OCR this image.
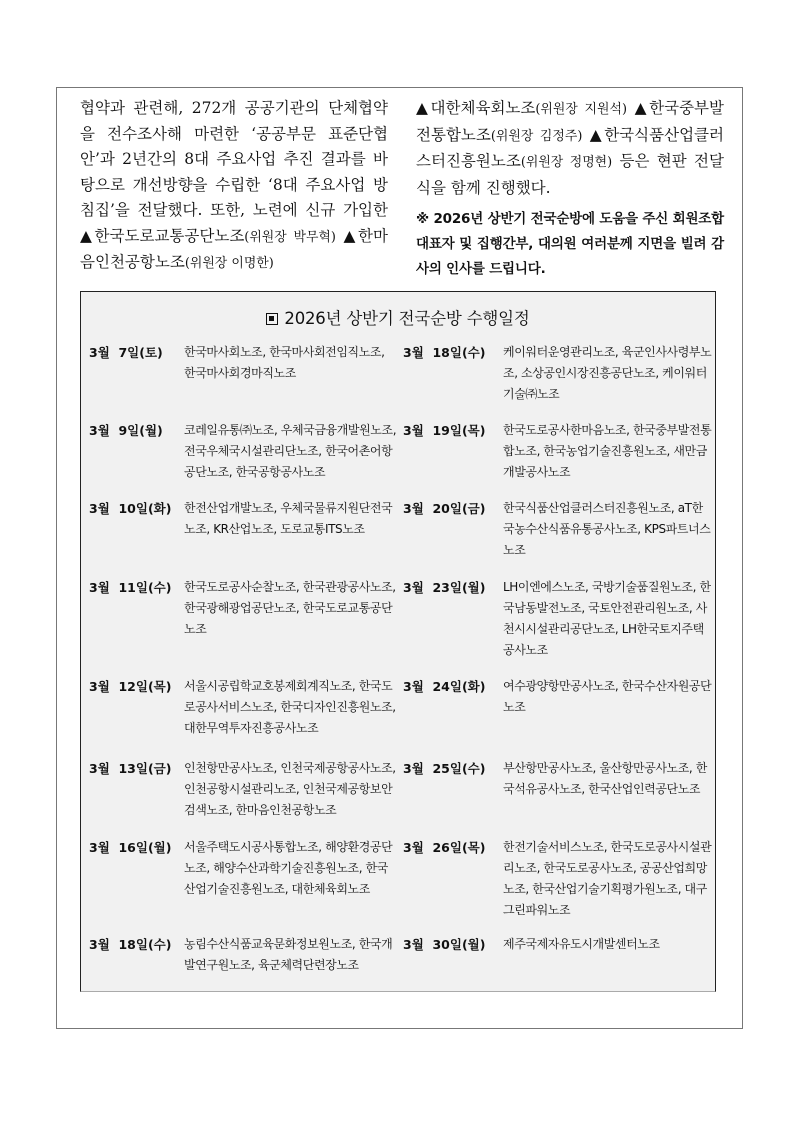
협약과 관련해, 272개 공공기관의 단체협약을 전수조사해 마련한 ‘공공부문 표준단협안’과 2년간의 8대 주요사업 추진 결과를 바탕으로 개선방향을 수립한 ‘8대 주요사업 방침집’을 전달했다. 또한, 노련에 신규 가입한 ▲한국도로교통공단노조(위원장 박무혁) ▲한마음인천공항노조(위원장 이명한)

▲대한체육회노조(위원장 지원석) ▲한국중부발전통합노조(위원장 김정주) ▲한국식품산업클러스터진흥원노조(위원장 정명현) 등은 현판 전달식을 함께 진행했다.

※ 2026년 상반기 전국순방에 도움을 주신 회원조합 대표자 및 집행간부, 대의원 여러분께 지면을 빌려 감사의 인사를 드립니다.

2026년 상반기 전국순방 수행일정
3월  7일(토) 한국마사회노조, 한국마사회전임직노조, 한국마사회경마직노조
3월  9일(월) 코레일유통㈜노조, 우체국금융개발원노조, 전국우체국시설관리단노조, 한국어촌어항공단노조, 한국공항공사노조
3월  10일(화) 한전산업개발노조, 우체국물류지원단전국노조, KR산업노조, 도로교통ITS노조
3월  11일(수) 한국도로공사순찰노조, 한국관광공사노조, 한국광해광업공단노조, 한국도로교통공단노조
3월  12일(목) 서울시공립학교호봉제회계직노조, 한국도로공사서비스노조, 한국디자인진흥원노조, 대한무역투자진흥공사노조
3월  13일(금) 인천항만공사노조, 인천국제공항공사노조, 인천공항시설관리노조, 인천국제공항보안검색노조, 한마음인천공항노조
3월  16일(월) 서울주택도시공사통합노조, 해양환경공단노조, 해양수산과학기술진흥원노조, 한국산업기술진흥원노조, 대한체육회노조
3월  18일(수) 농림수산식품교육문화정보원노조, 한국개발연구원노조, 육군체력단련장노조
3월  18일(수) 케이워터운영관리노조, 육군인사사령부노조, 소상공인시장진흥공단노조, 케이워터기술㈜노조
3월  19일(목) 한국도로공사한마음노조, 한국중부발전통합노조, 한국농업기술진흥원노조, 새만금개발공사노조
3월  20일(금) 한국식품산업클러스터진흥원노조, aT한국농수산식품유통공사노조, KPS파트너스노조
3월  23일(월) LH이엔에스노조, 국방기술품질원노조, 한국남동발전노조, 국토안전관리원노조, 사천시시설관리공단노조, LH한국토지주택공사노조
3월  24일(화) 여수광양항만공사노조, 한국수산자원공단노조
3월  25일(수) 부산항만공사노조, 울산항만공사노조, 한국석유공사노조, 한국산업인력공단노조
3월  26일(목) 한전기술서비스노조, 한국도로공사시설관리노조, 한국도로공사노조, 공공산업희망노조, 한국산업기술기획평가원노조, 대구그린파워노조
3월  30일(월) 제주국제자유도시개발센터노조
